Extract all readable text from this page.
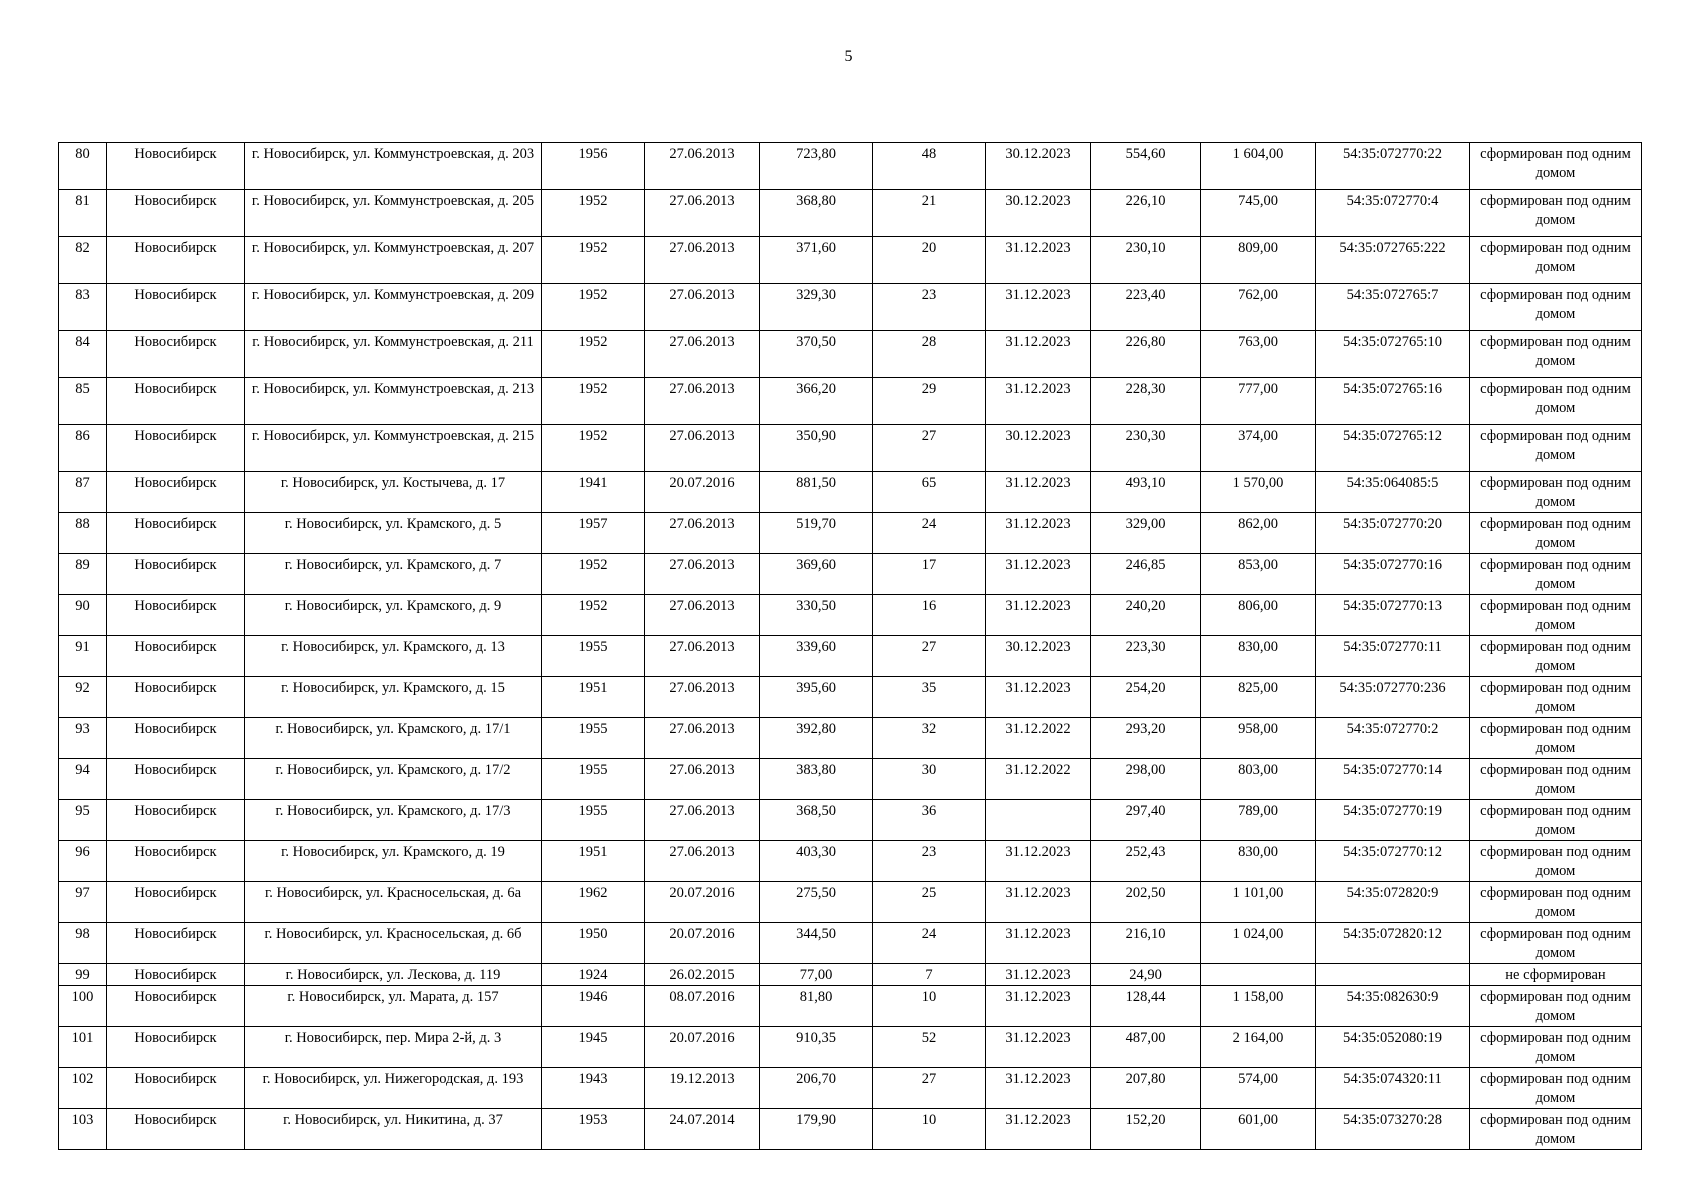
5
80	Новосибирск	г. Новосибирск, ул. Коммунстроевская, д. 203	1956	27.06.2013	723,80	48	30.12.2023	554,60	1 604,00	54:35:072770:22	сформирован под одним домом
81	Новосибирск	г. Новосибирск, ул. Коммунстроевская, д. 205	1952	27.06.2013	368,80	21	30.12.2023	226,10	745,00	54:35:072770:4	сформирован под одним домом
82	Новосибирск	г. Новосибирск, ул. Коммунстроевская, д. 207	1952	27.06.2013	371,60	20	31.12.2023	230,10	809,00	54:35:072765:222	сформирован под одним домом
83	Новосибирск	г. Новосибирск, ул. Коммунстроевская, д. 209	1952	27.06.2013	329,30	23	31.12.2023	223,40	762,00	54:35:072765:7	сформирован под одним домом
84	Новосибирск	г. Новосибирск, ул. Коммунстроевская, д. 211	1952	27.06.2013	370,50	28	31.12.2023	226,80	763,00	54:35:072765:10	сформирован под одним домом
85	Новосибирск	г. Новосибирск, ул. Коммунстроевская, д. 213	1952	27.06.2013	366,20	29	31.12.2023	228,30	777,00	54:35:072765:16	сформирован под одним домом
86	Новосибирск	г. Новосибирск, ул. Коммунстроевская, д. 215	1952	27.06.2013	350,90	27	30.12.2023	230,30	374,00	54:35:072765:12	сформирован под одним домом
87	Новосибирск	г. Новосибирск, ул. Костычева, д. 17	1941	20.07.2016	881,50	65	31.12.2023	493,10	1 570,00	54:35:064085:5	сформирован под одним домом
88	Новосибирск	г. Новосибирск, ул. Крамского, д. 5	1957	27.06.2013	519,70	24	31.12.2023	329,00	862,00	54:35:072770:20	сформирован под одним домом
89	Новосибирск	г. Новосибирск, ул. Крамского, д. 7	1952	27.06.2013	369,60	17	31.12.2023	246,85	853,00	54:35:072770:16	сформирован под одним домом
90	Новосибирск	г. Новосибирск, ул. Крамского, д. 9	1952	27.06.2013	330,50	16	31.12.2023	240,20	806,00	54:35:072770:13	сформирован под одним домом
91	Новосибирск	г. Новосибирск, ул. Крамского, д. 13	1955	27.06.2013	339,60	27	30.12.2023	223,30	830,00	54:35:072770:11	сформирован под одним домом
92	Новосибирск	г. Новосибирск, ул. Крамского, д. 15	1951	27.06.2013	395,60	35	31.12.2023	254,20	825,00	54:35:072770:236	сформирован под одним домом
93	Новосибирск	г. Новосибирск, ул. Крамского, д. 17/1	1955	27.06.2013	392,80	32	31.12.2022	293,20	958,00	54:35:072770:2	сформирован под одним домом
94	Новосибирск	г. Новосибирск, ул. Крамского, д. 17/2	1955	27.06.2013	383,80	30	31.12.2022	298,00	803,00	54:35:072770:14	сформирован под одним домом
95	Новосибирск	г. Новосибирск, ул. Крамского, д. 17/3	1955	27.06.2013	368,50	36		297,40	789,00	54:35:072770:19	сформирован под одним домом
96	Новосибирск	г. Новосибирск, ул. Крамского, д. 19	1951	27.06.2013	403,30	23	31.12.2023	252,43	830,00	54:35:072770:12	сформирован под одним домом
97	Новосибирск	г. Новосибирск, ул. Красносельская, д. 6а	1962	20.07.2016	275,50	25	31.12.2023	202,50	1 101,00	54:35:072820:9	сформирован под одним домом
98	Новосибирск	г. Новосибирск, ул. Красносельская, д. 6б	1950	20.07.2016	344,50	24	31.12.2023	216,10	1 024,00	54:35:072820:12	сформирован под одним домом
99	Новосибирск	г. Новосибирск, ул. Лескова, д. 119	1924	26.02.2015	77,00	7	31.12.2023	24,90			не сформирован
100	Новосибирск	г. Новосибирск, ул. Марата, д. 157	1946	08.07.2016	81,80	10	31.12.2023	128,44	1 158,00	54:35:082630:9	сформирован под одним домом
101	Новосибирск	г. Новосибирск, пер. Мира 2-й, д. 3	1945	20.07.2016	910,35	52	31.12.2023	487,00	2 164,00	54:35:052080:19	сформирован под одним домом
102	Новосибирск	г. Новосибирск, ул. Нижегородская, д. 193	1943	19.12.2013	206,70	27	31.12.2023	207,80	574,00	54:35:074320:11	сформирован под одним домом
103	Новосибирск	г. Новосибирск, ул. Никитина, д. 37	1953	24.07.2014	179,90	10	31.12.2023	152,20	601,00	54:35:073270:28	сформирован под одним домом
